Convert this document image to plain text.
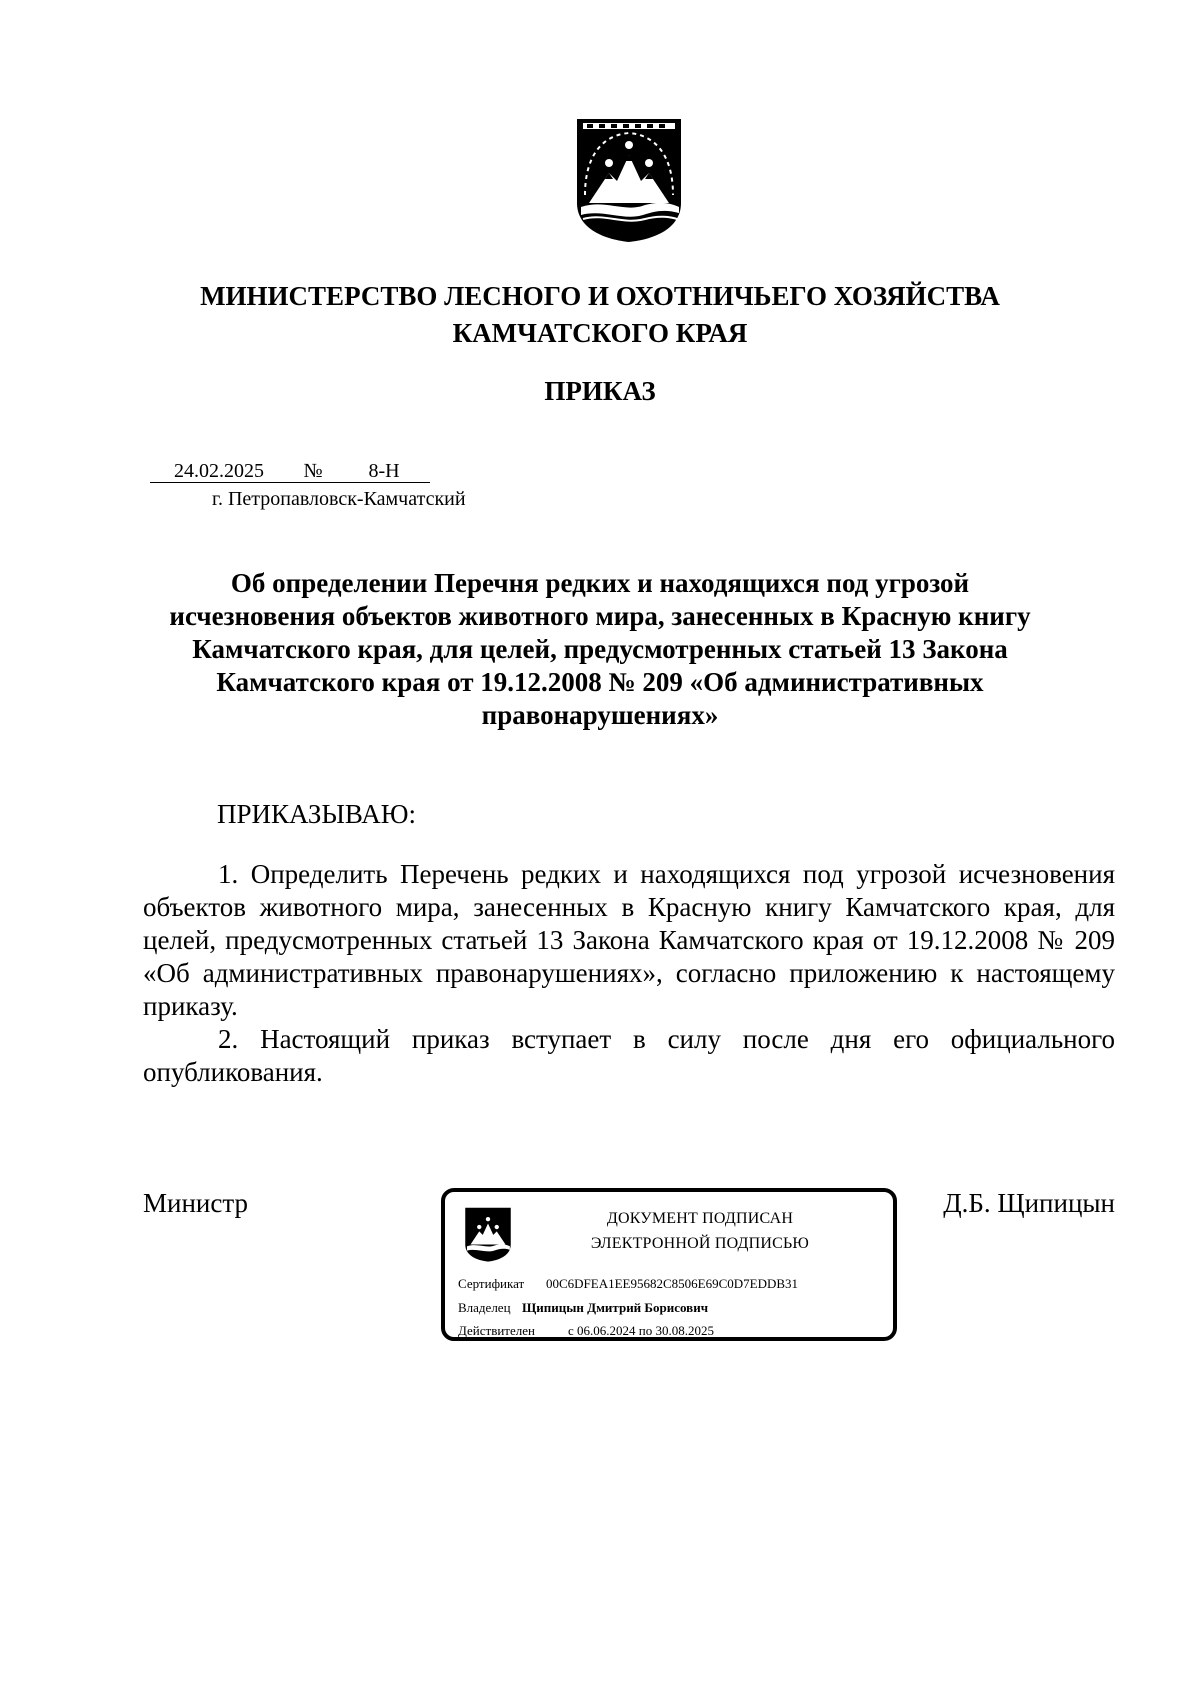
МИНИСТЕРСТВО ЛЕСНОГО И ОХОТНИЧЬЕГО ХОЗЯЙСТВА
КАМЧАТСКОГО КРАЯ
ПРИКАЗ
24.02.2025 № 8-Н
г. Петропавловск-Камчатский
Об определении Перечня редких и находящихся под угрозой
исчезновения объектов животного мира, занесенных в Красную книгу
Камчатского края, для целей, предусмотренных статьей 13 Закона
Камчатского края от 19.12.2008 № 209 «Об административных
правонарушениях»
ПРИКАЗЫВАЮ:

1. Определить Перечень редких и находящихся под угрозой исчезновения объектов животного мира, занесенных в Красную книгу Камчатского края, для целей, предусмотренных статьей 13 Закона Камчатского края от 19.12.2008 № 209 «Об административных правонарушениях», согласно приложению к настоящему приказу.

2. Настоящий приказ вступает в силу после дня его официального опубликования.

Министр	Д.Б. Щипицын
ДОКУМЕНТ ПОДПИСАН
ЭЛЕКТРОННОЙ ПОДПИСЬЮ
Сертификат 00C6DFEA1EE95682C8506E69C0D7EDDB31
Владелец Щипицын Дмитрий Борисович
Действителен	с 06.06.2024 по 30.08.2025
